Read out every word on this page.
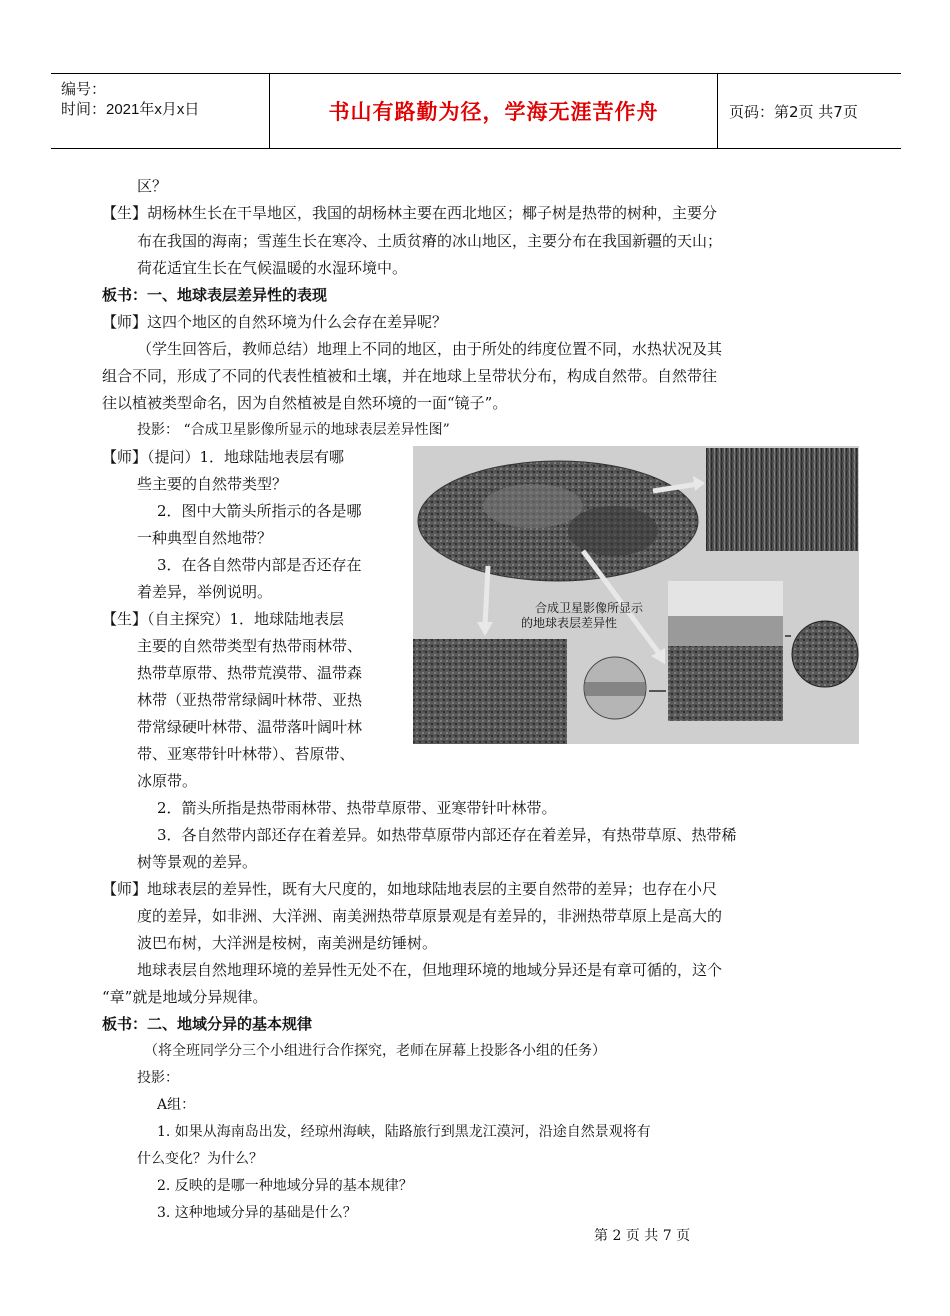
编号：
时间：2021年x月x日	书山有路勤为径，学海无涯苦作舟	页码：第2页 共7页
区？
【生】胡杨林生长在干旱地区，我国的胡杨林主要在西北地区；椰子树是热带的树种，主要分
布在我国的海南；雪莲生长在寒冷、土质贫瘠的冰山地区，主要分布在我国新疆的天山；
荷花适宜生长在气候温暖的水湿环境中。
板书：一、地球表层差异性的表现
【师】这四个地区的自然环境为什么会存在差异呢？
（学生回答后，教师总结）地理上不同的地区，由于所处的纬度位置不同，水热状况及其
组合不同，形成了不同的代表性植被和土壤，并在地球上呈带状分布，构成自然带。自然带往
往以植被类型命名，因为自然植被是自然环境的一面“镜子”。
投影： “合成卫星影像所显示的地球表层差异性图”
【师】（提问）1．地球陆地表层有哪
些主要的自然带类型？
2．图中大箭头所指示的各是哪
一种典型自然地带？
3．在各自然带内部是否还存在
着差异，举例说明。
【生】（自主探究）1．地球陆地表层
主要的自然带类型有热带雨林带、
热带草原带、热带荒漠带、温带森
林带（亚热带常绿阔叶林带、亚热
带常绿硬叶林带、温带落叶阔叶林
带、亚寒带针叶林带）、苔原带、
冰原带。
合成卫星影像所显示
的地球表层差异性
2．箭头所指是热带雨林带、热带草原带、亚寒带针叶林带。
3．各自然带内部还存在着差异。如热带草原带内部还存在着差异，有热带草原、热带稀
树等景观的差异。
【师】地球表层的差异性，既有大尺度的，如地球陆地表层的主要自然带的差异；也存在小尺
度的差异，如非洲、大洋洲、南美洲热带草原景观是有差异的，非洲热带草原上是高大的
波巴布树，大洋洲是桉树，南美洲是纺锤树。
地球表层自然地理环境的差异性无处不在，但地理环境的地域分异还是有章可循的，这个
“章”就是地域分异规律。
板书：二、地域分异的基本规律
（将全班同学分三个小组进行合作探究，老师在屏幕上投影各小组的任务）
投影：
A组：
1. 如果从海南岛出发，经琼州海峡，陆路旅行到黑龙江漠河，沿途自然景观将有
什么变化？为什么？
2. 反映的是哪一种地域分异的基本规律？
3. 这种地域分异的基础是什么？
第 2 页 共 7 页
